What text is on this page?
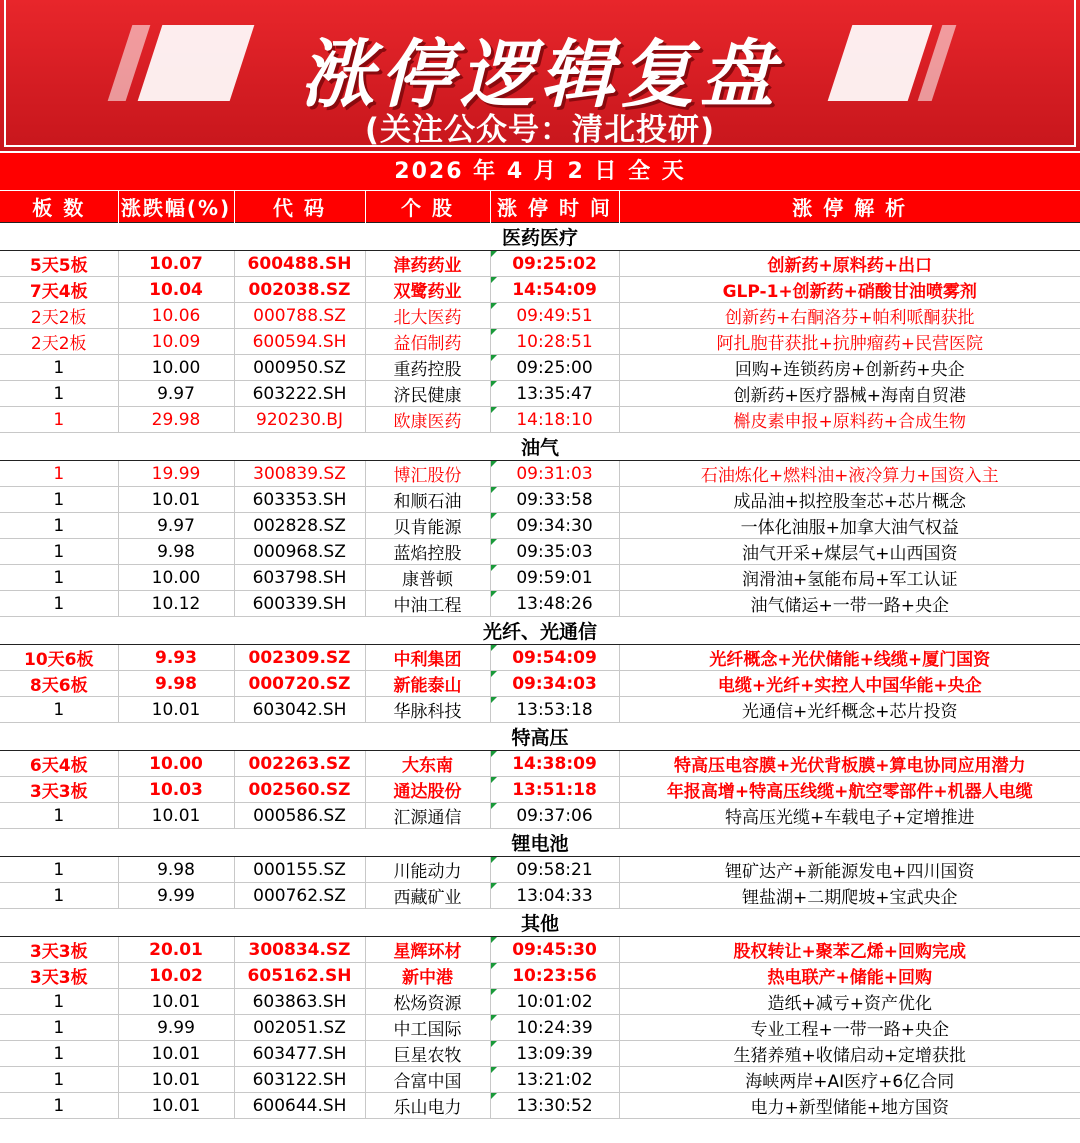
涨停逻辑复盘
(关注公众号：清北投研)
2026 年 4 月 2 日 全 天
板 数	涨跌幅(%)	代 码	个 股	涨 停 时 间	涨 停 解 析
医药医疗					
5天5板	10.07	600488.SH	津药药业	09:25:02	创新药+原料药+出口
7天4板	10.04	002038.SZ	双鹭药业	14:54:09	GLP-1+创新药+硝酸甘油喷雾剂
2天2板	10.06	000788.SZ	北大医药	09:49:51	创新药+右酮洛芬+帕利哌酮获批
2天2板	10.09	600594.SH	益佰制药	10:28:51	阿扎胞苷获批+抗肿瘤药+民营医院
1	10.00	000950.SZ	重药控股	09:25:00	回购+连锁药房+创新药+央企
1	9.97	603222.SH	济民健康	13:35:47	创新药+医疗器械+海南自贸港
1	29.98	920230.BJ	欧康医药	14:18:10	槲皮素申报+原料药+合成生物
油气					
1	19.99	300839.SZ	博汇股份	09:31:03	石油炼化+燃料油+液冷算力+国资入主
1	10.01	603353.SH	和顺石油	09:33:58	成品油+拟控股奎芯+芯片概念
1	9.97	002828.SZ	贝肯能源	09:34:30	一体化油服+加拿大油气权益
1	9.98	000968.SZ	蓝焰控股	09:35:03	油气开采+煤层气+山西国资
1	10.00	603798.SH	康普顿	09:59:01	润滑油+氢能布局+军工认证
1	10.12	600339.SH	中油工程	13:48:26	油气储运+一带一路+央企
光纤、光通信					
10天6板	9.93	002309.SZ	中利集团	09:54:09	光纤概念+光伏储能+线缆+厦门国资
8天6板	9.98	000720.SZ	新能泰山	09:34:03	电缆+光纤+实控人中国华能+央企
1	10.01	603042.SH	华脉科技	13:53:18	光通信+光纤概念+芯片投资
特高压					
6天4板	10.00	002263.SZ	大东南	14:38:09	特高压电容膜+光伏背板膜+算电协同应用潜力
3天3板	10.03	002560.SZ	通达股份	13:51:18	年报高增+特高压线缆+航空零部件+机器人电缆
1	10.01	000586.SZ	汇源通信	09:37:06	特高压光缆+车载电子+定增推进
锂电池					
1	9.98	000155.SZ	川能动力	09:58:21	锂矿达产+新能源发电+四川国资
1	9.99	000762.SZ	西藏矿业	13:04:33	锂盐湖+二期爬坡+宝武央企
其他					
3天3板	20.01	300834.SZ	星辉环材	09:45:30	股权转让+聚苯乙烯+回购完成
3天3板	10.02	605162.SH	新中港	10:23:56	热电联产+储能+回购
1	10.01	603863.SH	松炀资源	10:01:02	造纸+减亏+资产优化
1	9.99	002051.SZ	中工国际	10:24:39	专业工程+一带一路+央企
1	10.01	603477.SH	巨星农牧	13:09:39	生猪养殖+收储启动+定增获批
1	10.01	603122.SH	合富中国	13:21:02	海峡两岸+AI医疗+6亿合同
1	10.01	600644.SH	乐山电力	13:30:52	电力+新型储能+地方国资
